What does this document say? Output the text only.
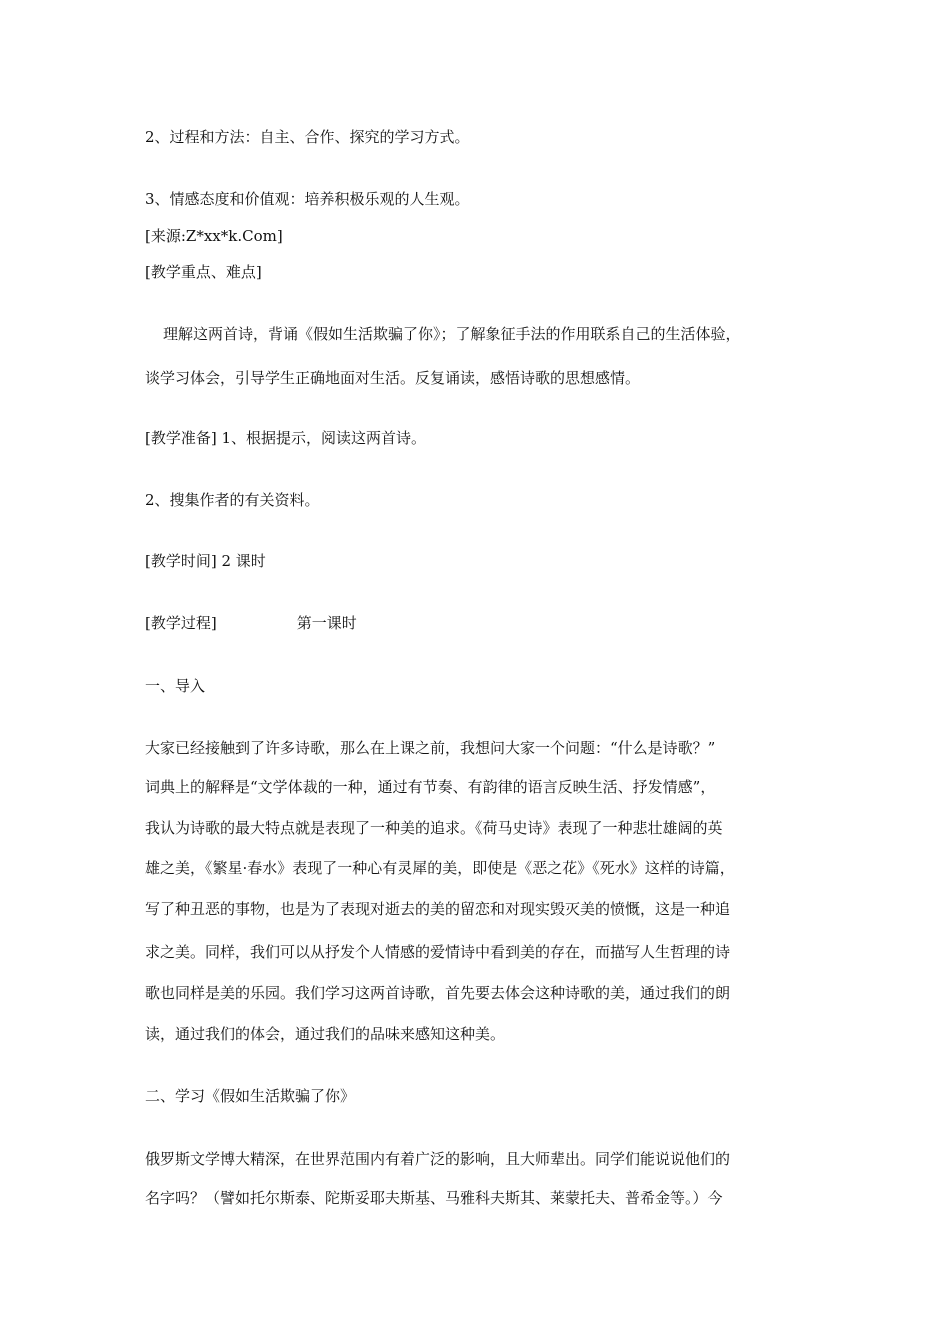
2、过程和方法：自主、合作、探究的学习方式。
3、情感态度和价值观：培养积极乐观的人生观。
[来源:Z*xx*k.Com]
[教学重点、难点]
理解这两首诗，背诵《假如生活欺骗了你》；了解象征手法的作用联系自己的生活体验，
谈学习体会，引导学生正确地面对生活。反复诵读，感悟诗歌的思想感情。
[教学准备] 1、根据提示，阅读这两首诗。
2、搜集作者的有关资料。
[教学时间] 2 课时
[教学过程]	第一课时
一、导入
大家已经接触到了许多诗歌，那么在上课之前，我想问大家一个问题：“什么是诗歌？”
词典上的解释是“文学体裁的一种，通过有节奏、有韵律的语言反映生活、抒发情感”，
我认为诗歌的最大特点就是表现了一种美的追求。《荷马史诗》表现了一种悲壮雄阔的英
雄之美，《繁星·春水》表现了一种心有灵犀的美，即使是《恶之花》《死水》这样的诗篇，
写了种丑恶的事物，也是为了表现对逝去的美的留恋和对现实毁灭美的愤慨，这是一种追
求之美。同样，我们可以从抒发个人情感的爱情诗中看到美的存在，而描写人生哲理的诗
歌也同样是美的乐园。我们学习这两首诗歌，首先要去体会这种诗歌的美，通过我们的朗
读，通过我们的体会，通过我们的品味来感知这种美。
二、学习《假如生活欺骗了你》
俄罗斯文学博大精深，在世界范围内有着广泛的影响，且大师辈出。同学们能说说他们的
名字吗？（譬如托尔斯泰、陀斯妥耶夫斯基、马雅科夫斯其、莱蒙托夫、普希金等。）今
